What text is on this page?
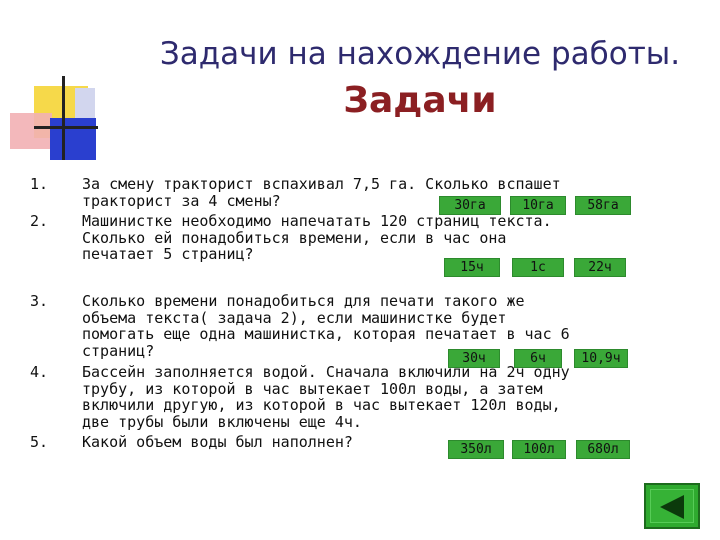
Задачи на нахождение работы.
Задачи
1.	За смену тракторист вспахивал 7,5 га. Сколько вспашет
тракторист за 4 смены?	30га	10га	58га
2.	Машинистке необходимо напечатать 120 страниц текста.
Сколько ей понадобиться времени, если в час она
печатает 5 страниц?
15ч	1с	22ч
3.	Сколько времени понадобиться для печати такого же
объема текста( задача 2), если машинистке будет
помогать еще одна машинистка, которая печатает в час 6
страниц?	30ч	6ч	10,9ч
4.	Бассейн заполняется водой. Сначала включили на 2ч одну
трубу, из которой в час вытекает 100л воды, а затем
включили другую, из которой в час вытекает 120л воды,
две трубы были включены еще 4ч.
5.	Какой объем воды был наполнен?	350л	100л	680л
